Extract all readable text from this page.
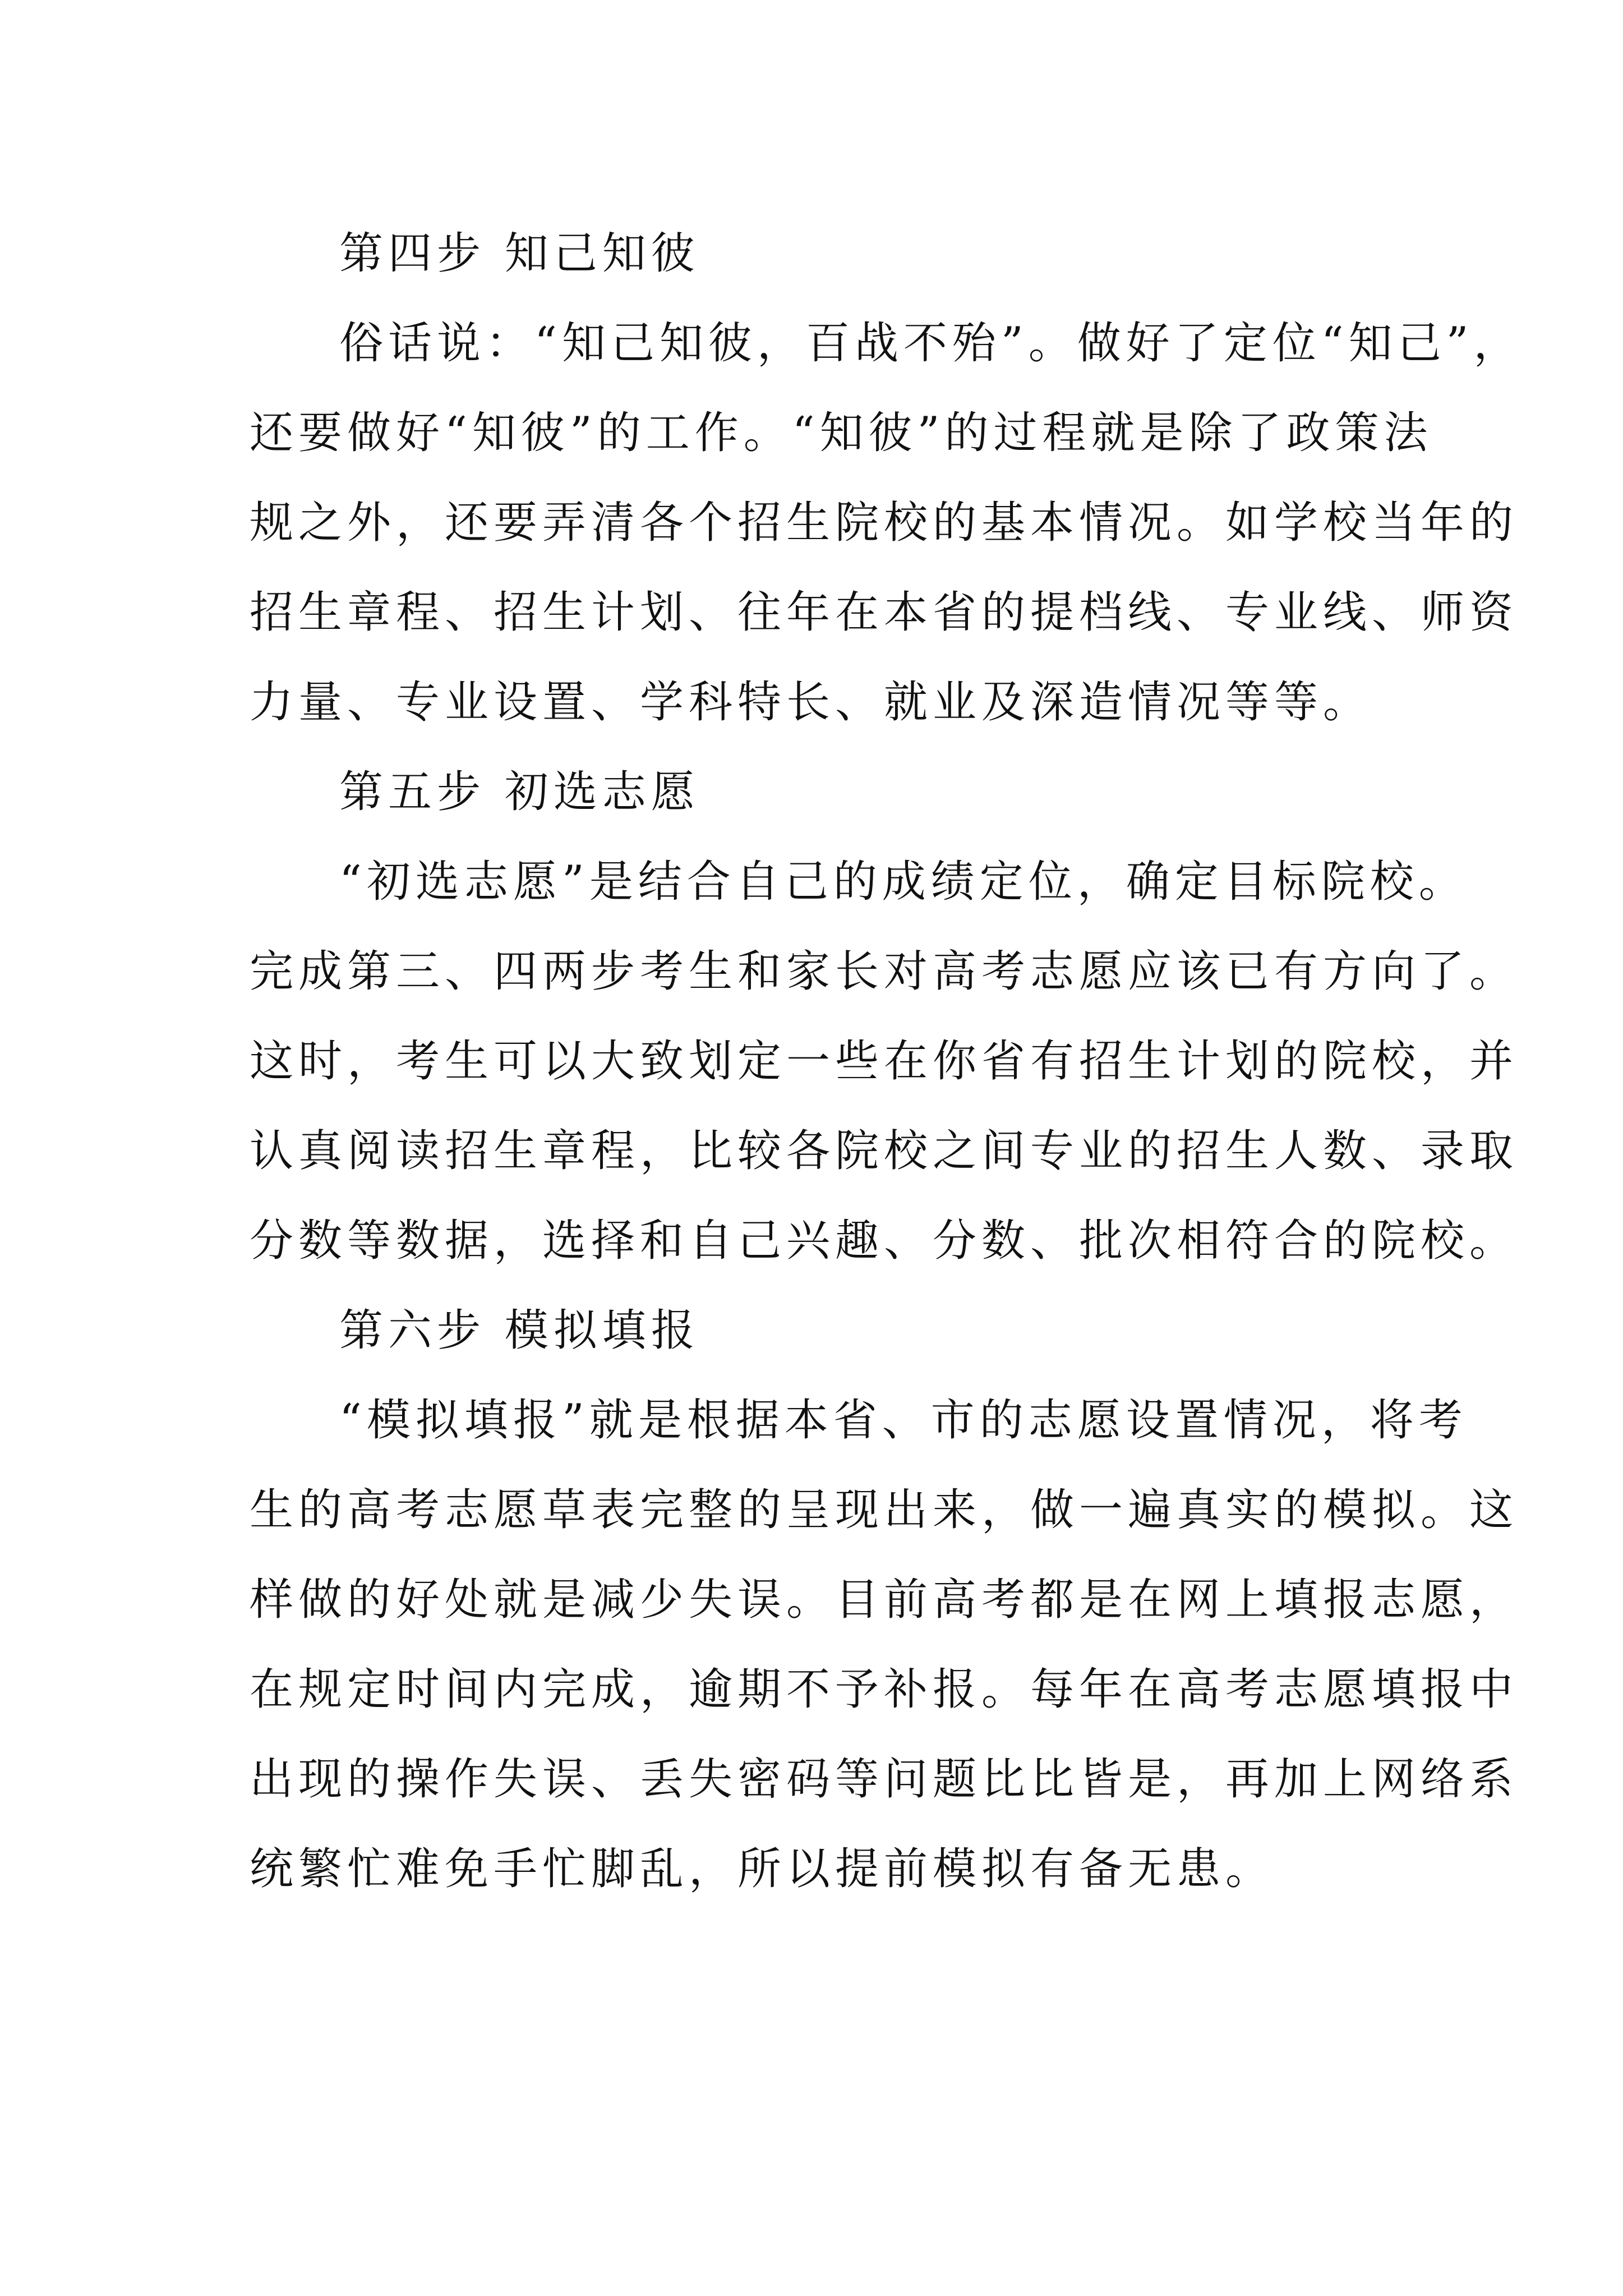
第四步 知己知彼
俗话说：“知己知彼，百战不殆”。做好了定位“知己”，
还要做好“知彼”的工作。“知彼”的过程就是除了政策法
规之外，还要弄清各个招生院校的基本情况。如学校当年的
招生章程、招生计划、往年在本省的提档线、专业线、师资
力量、专业设置、学科特长、就业及深造情况等等。
第五步 初选志愿
“初选志愿”是结合自己的成绩定位，确定目标院校。
完成第三、四两步考生和家长对高考志愿应该已有方向了。
这时，考生可以大致划定一些在你省有招生计划的院校，并
认真阅读招生章程，比较各院校之间专业的招生人数、录取
分数等数据，选择和自己兴趣、分数、批次相符合的院校。
第六步 模拟填报
“模拟填报”就是根据本省、市的志愿设置情况，将考
生的高考志愿草表完整的呈现出来，做一遍真实的模拟。这
样做的好处就是减少失误。目前高考都是在网上填报志愿，
在规定时间内完成，逾期不予补报。每年在高考志愿填报中
出现的操作失误、丢失密码等问题比比皆是，再加上网络系
统繁忙难免手忙脚乱，所以提前模拟有备无患。
